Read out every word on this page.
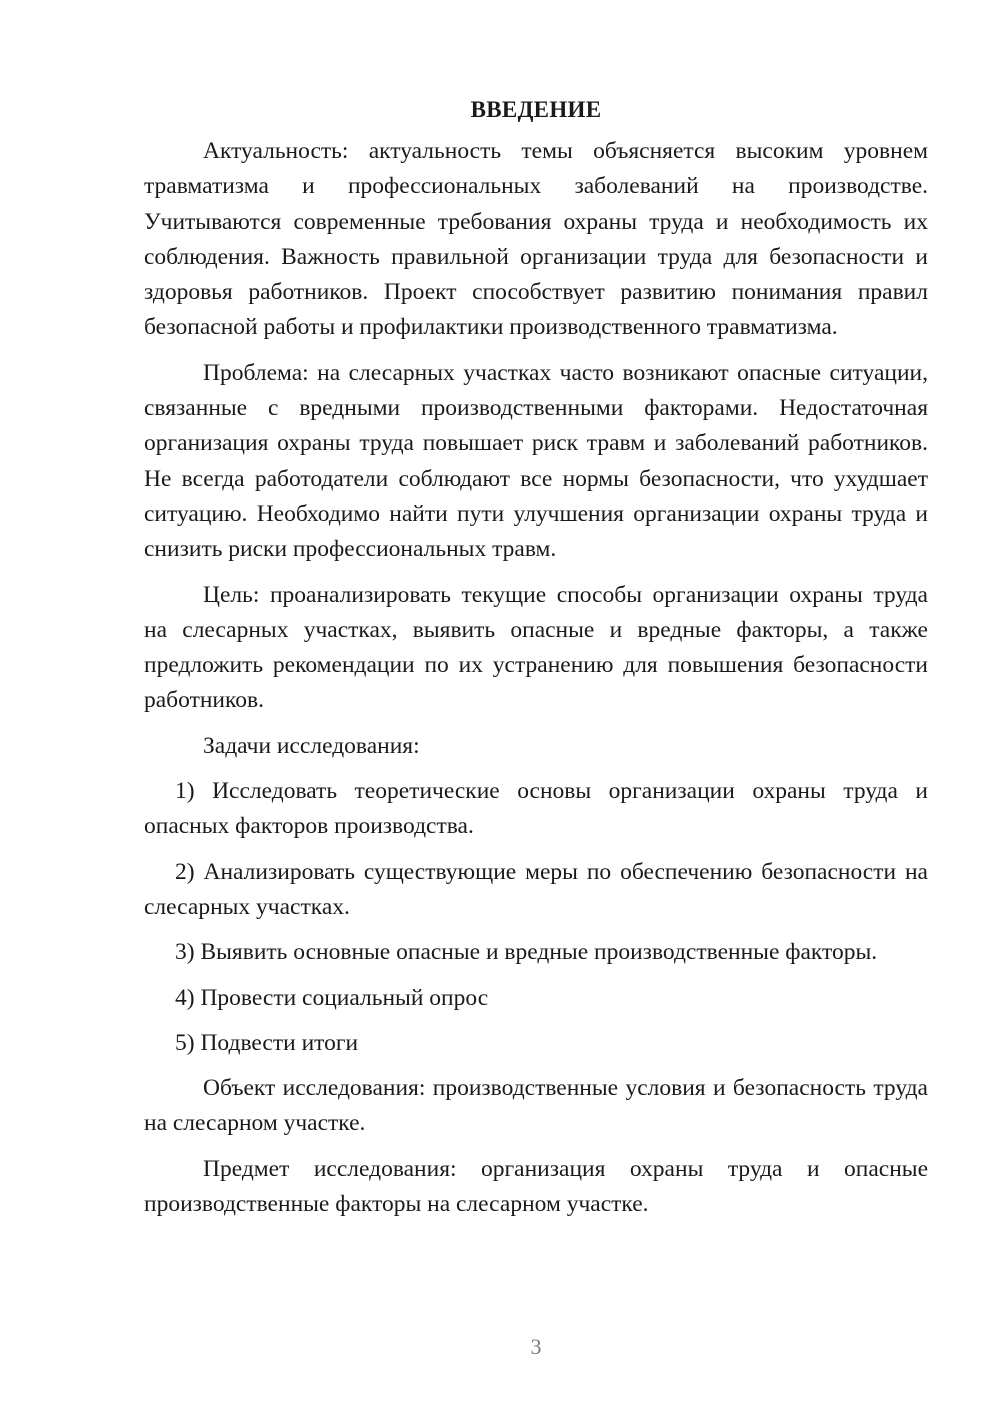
ВВЕДЕНИЕ

Актуальность: актуальность темы объясняется высоким уровнем травматизма и профессиональных заболеваний на производстве. Учитываются современные требования охраны труда и необходимость их соблюдения. Важность правильной организации труда для безопасности и здоровья работников. Проект способствует развитию понимания правил безопасной работы и профилактики производственного травматизма.

Проблема: на слесарных участках часто возникают опасные ситуации, связанные с вредными производственными факторами. Недостаточная организация охраны труда повышает риск травм и заболеваний работников. Не всегда работодатели соблюдают все нормы безопасности, что ухудшает ситуацию. Необходимо найти пути улучшения организации охраны труда и снизить риски профессиональных травм.

Цель: проанализировать текущие способы организации охраны труда на слесарных участках, выявить опасные и вредные факторы, а также предложить рекомендации по их устранению для повышения безопасности работников.

Задачи исследования:

1) Исследовать теоретические основы организации охраны труда и опасных факторов производства.

2) Анализировать существующие меры по обеспечению безопасности на слесарных участках.

3) Выявить основные опасные и вредные производственные факторы.

4) Провести социальный опрос

5) Подвести итоги

Объект исследования: производственные условия и безопасность труда на слесарном участке.

Предмет исследования: организация охраны труда и опасные производственные факторы на слесарном участке.

3
